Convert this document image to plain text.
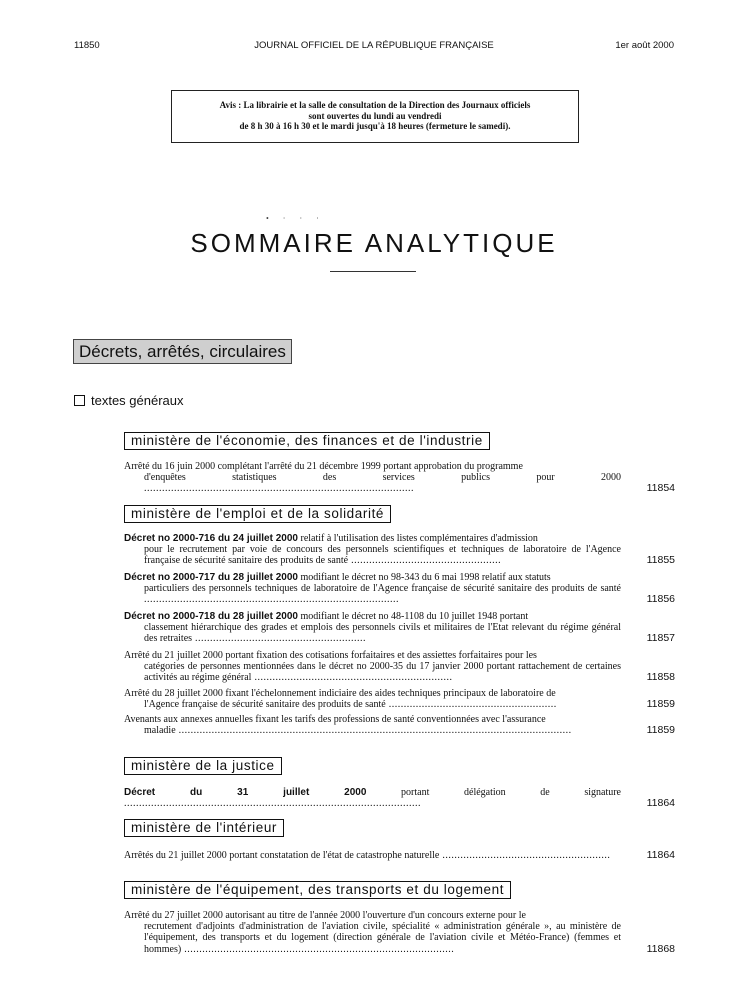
11850	JOURNAL OFFICIEL DE LA RÉPUBLIQUE FRANÇAISE	1er août 2000
Avis : La librairie et la salle de consultation de la Direction des Journaux officiels
sont ouvertes du lundi au vendredi
de 8 h 30 à 16 h 30 et le mardi jusqu'à 18 heures (fermeture le samedi).
•···
SOMMAIRE ANALYTIQUE
Décrets, arrêtés, circulaires
textes généraux
ministère de l'économie, des finances et de l'industrie
Arrêté du 16 juin 2000 complétant l'arrêté du 21 décembre 1999 portant approbation du programme
d'enquêtes statistiques des services publics pour 2000 ..........................................................................................	11854
ministère de l'emploi et de la solidarité
Décret no 2000-716 du 24 juillet 2000 relatif à l'utilisation des listes complémentaires d'admission
pour le recrutement par voie de concours des personnels scientifiques et techniques de laboratoire de l'Agence française de sécurité sanitaire des produits de santé ..................................................	11855
Décret no 2000-717 du 28 juillet 2000 modifiant le décret no 98-343 du 6 mai 1998 relatif aux statuts
particuliers des personnels techniques de laboratoire de l'Agence française de sécurité sanitaire des produits de santé .....................................................................................	11856
Décret no 2000-718 du 28 juillet 2000 modifiant le décret no 48-1108 du 10 juillet 1948 portant
classement hiérarchique des grades et emplois des personnels civils et militaires de l'Etat relevant du régime général des retraites .........................................................	11857
Arrêté du 21 juillet 2000 portant fixation des cotisations forfaitaires et des assiettes forfaitaires pour les
catégories de personnes mentionnées dans le décret no 2000-35 du 17 janvier 2000 portant rattachement de certaines activités au régime général ..................................................................	11858
Arrêté du 28 juillet 2000 fixant l'échelonnement indiciaire des aides techniques principaux de laboratoire de
l'Agence française de sécurité sanitaire des produits de santé ........................................................	11859
Avenants aux annexes annuelles fixant les tarifs des professions de santé conventionnées avec l'assurance
maladie ...................................................................................................................................	11859
ministère de la justice
Décret du 31 juillet 2000 portant délégation de signature ...................................................................................................	11864
ministère de l'intérieur
Arrêtés du 21 juillet 2000 portant constatation de l'état de catastrophe naturelle ........................................................	11864
ministère de l'équipement, des transports et du logement
Arrêté du 27 juillet 2000 autorisant au titre de l'année 2000 l'ouverture d'un concours externe pour le
recrutement d'adjoints d'administration de l'aviation civile, spécialité « administration générale », au ministère de l'équipement, des transports et du logement (direction générale de l'aviation civile et Météo-France) (femmes et hommes) ..........................................................................................	11868
